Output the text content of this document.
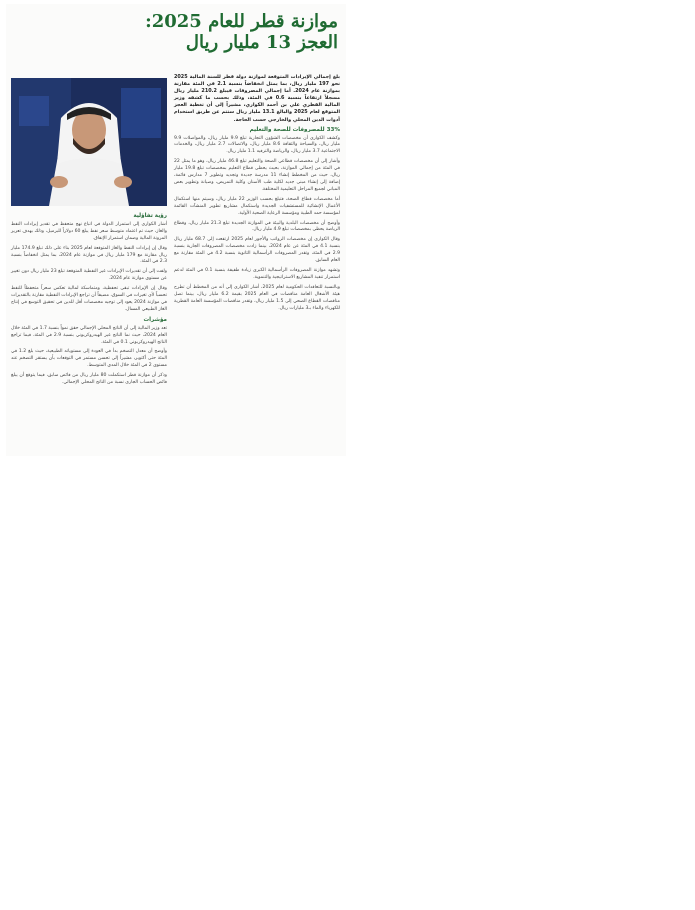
موازنة قطر للعام 2025:
العجز 13 مليار ريال

بلغ إجمالي الإيرادات المتوقعة لموازنة دولة قطر للسنة المالية 2025 نحو 197 مليار ريال، بما يمثل انخفاضاً بنسبة 2.1 في المئة مقارنة بموازنة عام 2024. أما إجمالي المصروفات فيبلغ 210.2 مليار ريال مسجلاً ارتفاعاً بنسبة 0.6 في المئة، وذلك بحسب ما كشفه وزير المالية القطري علي بن أحمد الكواري، مشيراً إلى أن تغطية العجز المتوقع لعام 2025 والبالغ 13.1 مليار ريال ستتم عن طريق استخدام أدوات الدين المحلي والخارجي حسب الحاجة.

33% للمصروفات للصحة والتعليم

وكشف الكواري أن مخصصات الشؤون التجارية تبلغ 9.9 مليار ريال، والمواصلات 9.9 مليار ريال، والسياحة والثقافة 8.6 مليار ريال، والاتصالات 2.7 مليار ريال، والخدمات الاجتماعية 3.7 مليار ريال، والرياضة والترفيه 1.1 مليار ريال.

وأشار إلى أن مخصصات قطاعي الصحة والتعليم تبلغ 46.8 مليار ريال، وهو ما يمثل 22 في المئة من إجمالي الموازنة، بحيث يحظى قطاع التعليم بمخصصات تبلغ 19.8 مليار ريال، حيث من المخطط إنشاء 11 مدرسة جديدة وتجديد وتطوير 7 مدارس قائمة، إضافة إلى إنشاء مبنى جديد لكلية طب الأسنان وكلية التمريض، وصيانة وتطوير بعض المباني لجميع المراحل التعليمية المختلفة.

أما مخصصات قطاع الصحة، فتبلغ بحسب الوزير 22 مليار ريال، وسيتم منها استكمال الأعمال الإنشائية للمستشفيات الجديدة واستكمال مشاريع تطوير المنشآت القائمة لمؤسسة حمد الطبية ومؤسسة الرعاية الصحية الأولية.

وأوضح أن مخصصات البلدية والبيئة في الموازنة الجديدة تبلغ 21.3 مليار ريال، وقطاع الرياضة يحظى بمخصصات تبلغ 4.9 مليار ريال.

وقال الكواري إن مخصصات الرواتب والأجور لعام 2025 ارتفعت إلى 68.7 مليار ريال بنسبة 4.1 في المئة عن عام 2024، بينما زادت مخصصات المصروفات الجارية بنسبة 2.9 في المئة، وتقدر المصروفات الرأسمالية الثانوية بنسبة 4.2 في المئة مقارنة مع العام السابق.

وتشهد موازنة المصروفات الرأسمالية الكبرى زيادة طفيفة بنسبة 0.1 في المئة لدعم استمرار تنفيذ المشاريع الاستراتيجية والتنموية.

وبالنسبة للتعاقدات الحكومية لعام 2025، أشار الكواري إلى أنه من المخطط أن تطرح هيئة الأشغال العامة مناقصات في العام 2025 بقيمة 6.2 مليار ريال، بينما تصل مناقصات القطاع الصحي إلى 1.5 مليار ريال، وتقدر مناقصات المؤسسة العامة القطرية للكهرباء والماء بـ3 مليارات ريال.

رؤية تفاؤلية

أشار الكواري إلى استمرار الدولة في اتباع نهج متحفظ في تقدير إيرادات النفط والغاز، حيث تم اعتماد متوسط سعر نفط يبلغ 60 دولاراً للبرميل، وذلك بهدف تعزيز المرونة المالية وضمان استمرار الإنفاق.

وقال إن إيرادات النفط والغاز المتوقعة لعام 2025 بناء على ذلك تبلغ 174.9 مليار ريال مقارنة مع 179 مليار ريال في موازنة عام 2024، بما يمثل انخفاضاً بنسبة 2.3 في المئة.

ولفت إلى أن تقديرات الإيرادات غير النفطية المتوقعة تبلغ 23 مليار ريال دون تغيير عن مستوى موازنة عام 2024.

وقال إن الإيرادات تبقى تحفظية، ومتماسكة لمالية تعكس سعراً متحفظاً للنفط تحسباً لأي تغيرات في السوق، مضيفاً أن تراجع الإيرادات النفطية مقارنة بالتقديرات في موازنة 2024 يعود إلى توجيه مخصصات أقل للدين في تحقيق التوسع في إنتاج الغاز الطبيعي المسال.

مؤشرات

تعد وزير المالية إلى أن الناتج المحلي الإجمالي حقق نمواً بنسبة 1.7 في المئة خلال العام 2024، حيث نما الناتج غير الهيدروكربوني بنسبة 2.9 في المئة، فيما تراجع الناتج الهيدروكربوني 0.1 في المئة.

وأوضح أن معدل التضخم بدأ في العودة إلى مستوياته الطبيعية، حيث بلغ 1.2 في المئة حتى أكتوبر، مشيراً إلى تحسن مستمر في التوقعات بأن يستقر التضخم عند مستوى 2 في المئة خلال المدى المتوسط.

وذكر أن موازنة قطر استكملت 80 مليار ريال من فائض سابق، فيما يتوقع أن يبلغ فائض الحساب الجاري نسبة من الناتج المحلي الإجمالي.
